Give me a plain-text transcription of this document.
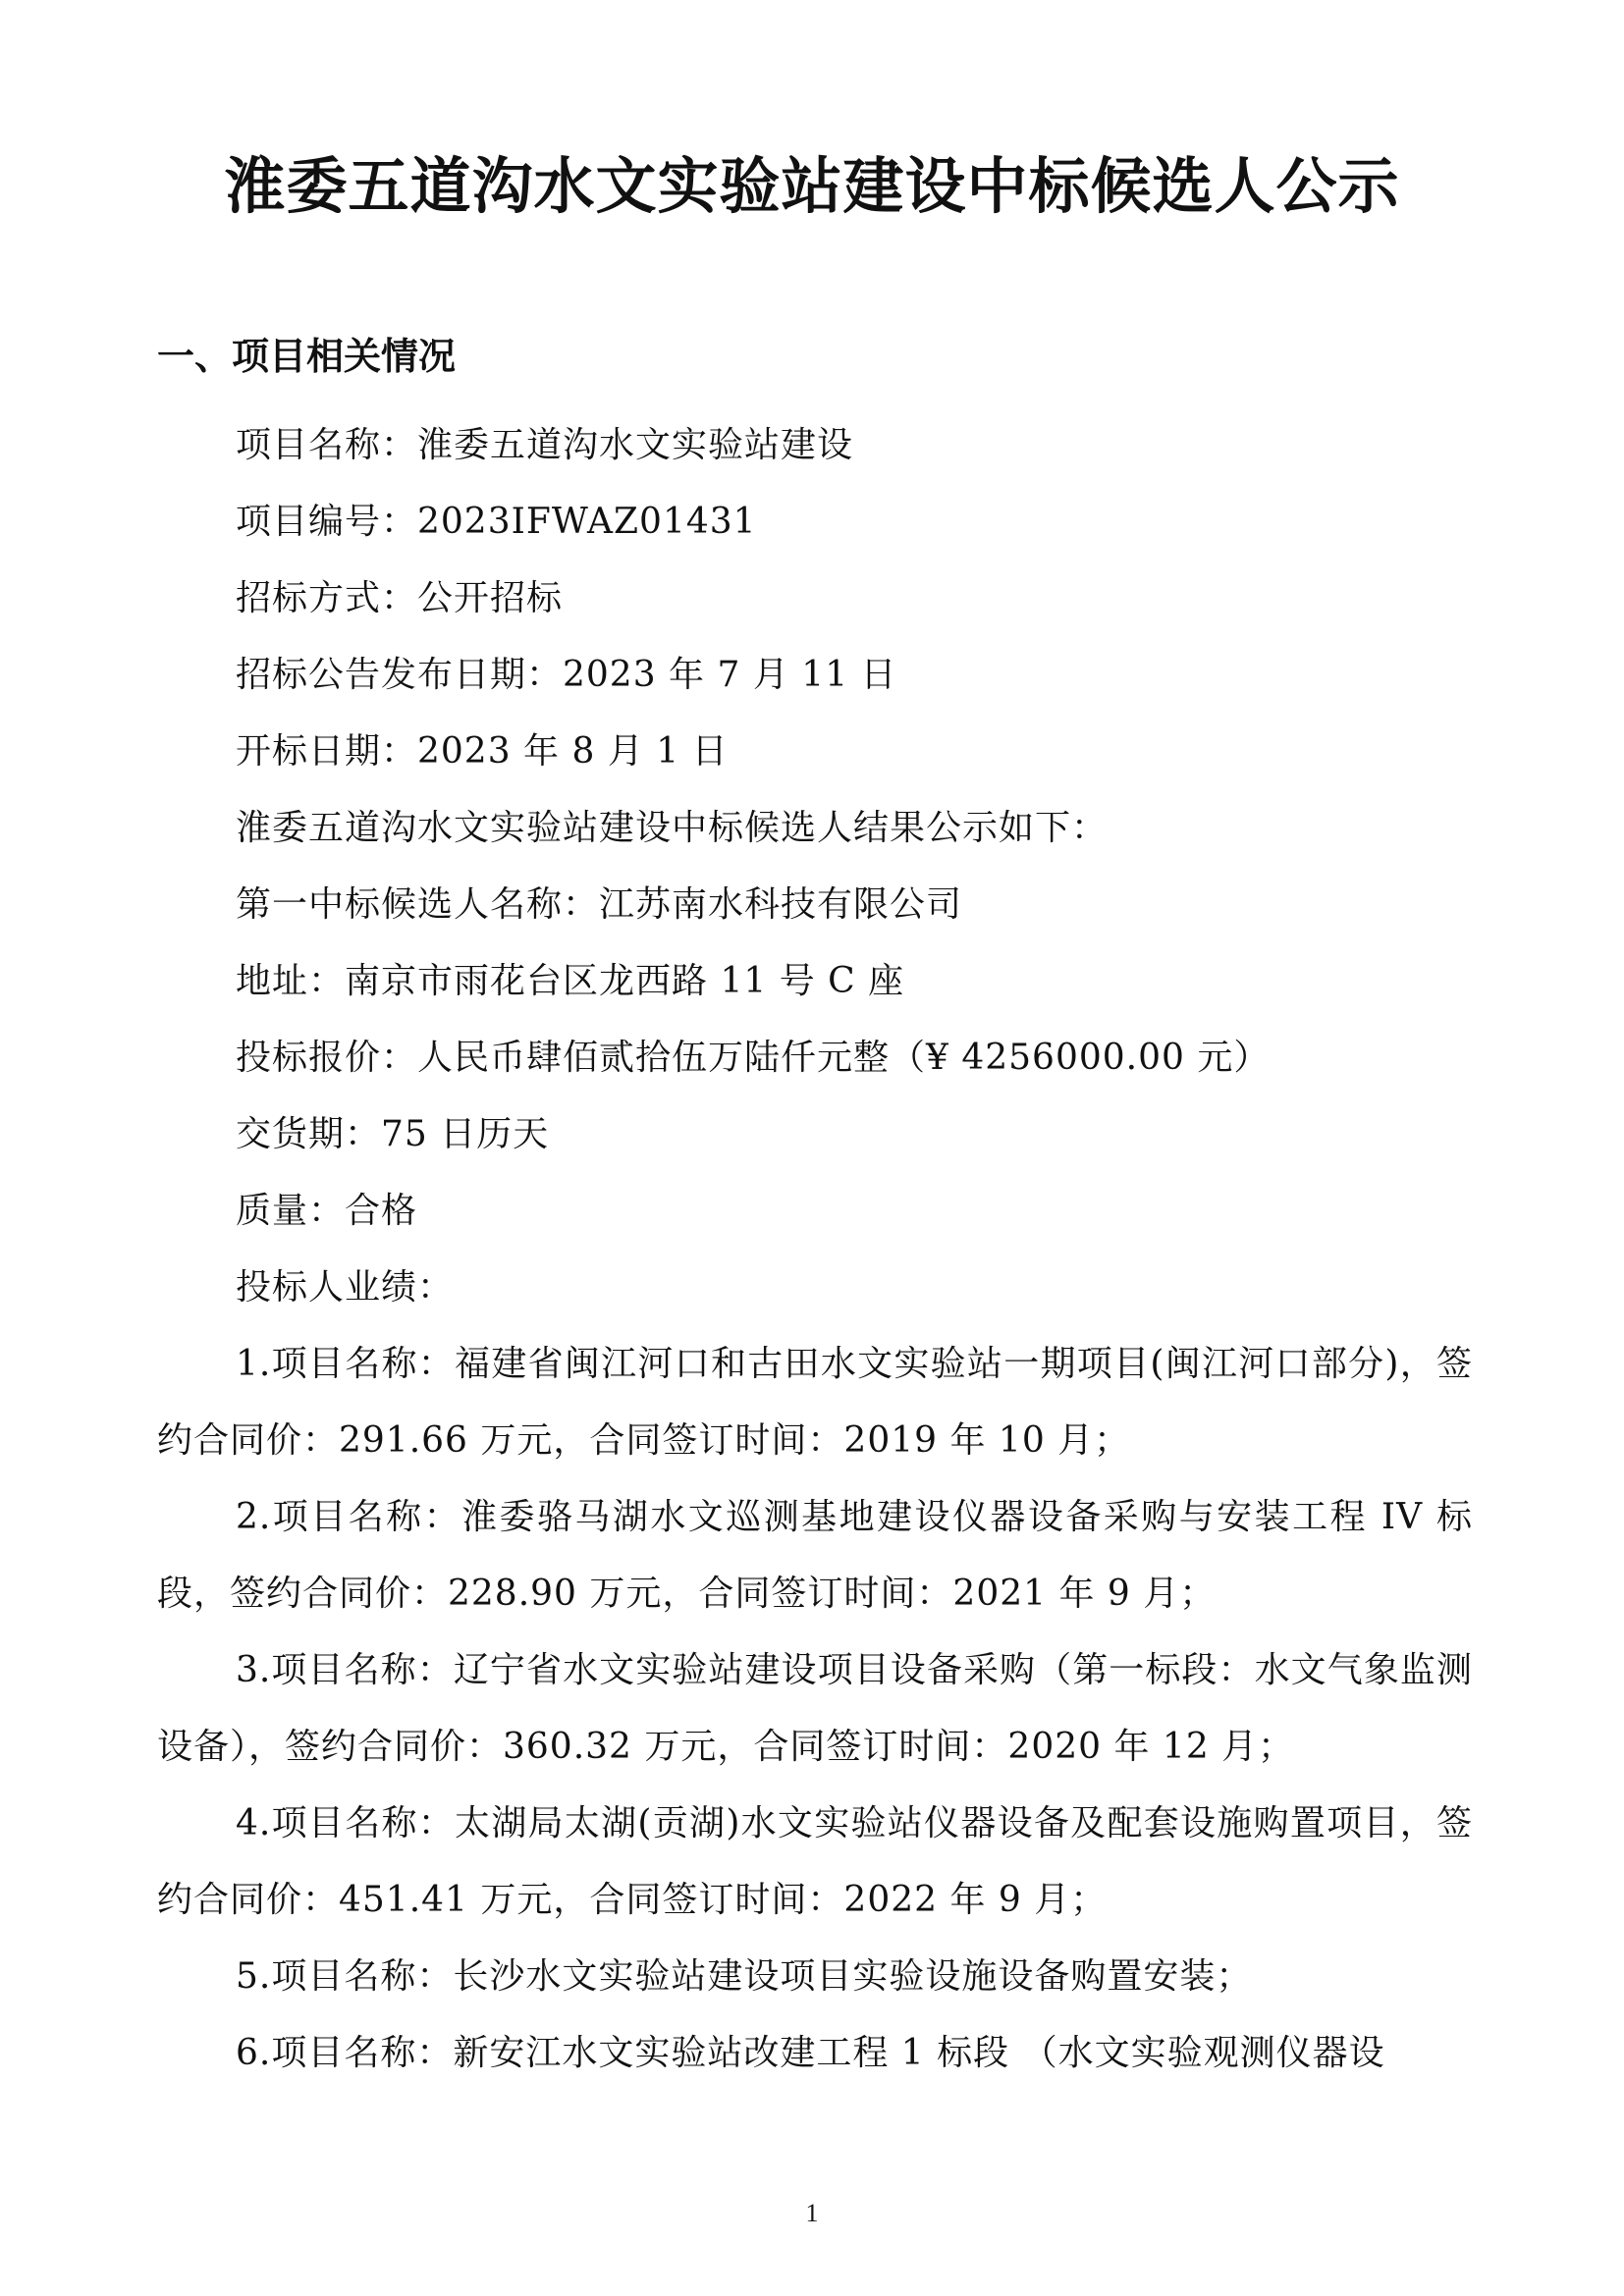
淮委五道沟水文实验站建设中标候选人公示
一、项目相关情况

项目名称：淮委五道沟水文实验站建设

项目编号：2023IFWAZ01431

招标方式：公开招标

招标公告发布日期：2023 年 7 月 11 日

开标日期：2023 年 8 月 1 日

淮委五道沟水文实验站建设中标候选人结果公示如下：

第一中标候选人名称：江苏南水科技有限公司

地址：南京市雨花台区龙西路 11 号 C 座

投标报价：人民币肆佰贰拾伍万陆仟元整（¥ 4256000.00 元）

交货期：75 日历天

质量：合格

投标人业绩：

1.项目名称：福建省闽江河口和古田水文实验站一期项目(闽江河口部分)，签约合同价：291.66 万元，合同签订时间：2019 年 10 月；

2.项目名称：淮委骆马湖水文巡测基地建设仪器设备采购与安装工程 IV 标段，签约合同价：228.90 万元，合同签订时间：2021 年 9 月；

3.项目名称：辽宁省水文实验站建设项目设备采购（第一标段：水文气象监测设备），签约合同价：360.32 万元，合同签订时间：2020 年 12 月；

4.项目名称：太湖局太湖(贡湖)水文实验站仪器设备及配套设施购置项目，签约合同价：451.41 万元，合同签订时间：2022 年 9 月；

5.项目名称：长沙水文实验站建设项目实验设施设备购置安装；

6.项目名称：新安江水文实验站改建工程 1 标段 （水文实验观测仪器设

1
